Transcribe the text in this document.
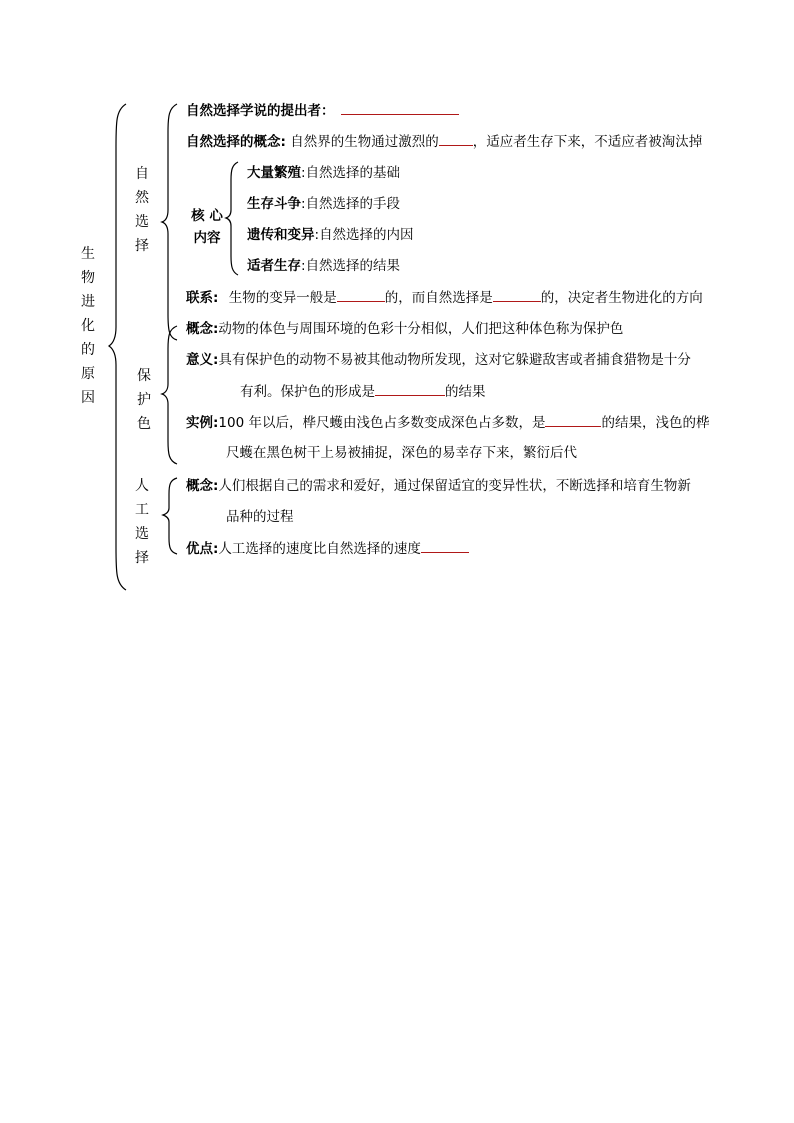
生
物
进
化
的
原
因
自
然
选
择
自然选择学说的提出者：
自然选择的概念: 自然界的生物通过激烈的	，适应者生存下来，不适应者被淘汰掉
核 心
内容
大量繁殖:自然选择的基础
生存斗争:自然选择的手段
遗传和变异:自然选择的内因
适者生存:自然选择的结果
联系: 生物的变异一般是	的，而自然选择是	的，决定者生物进化的方向
保
护
色
概念:动物的体色与周围环境的色彩十分相似，人们把这种体色称为保护色
意义:具有保护色的动物不易被其他动物所发现，这对它躲避敌害或者捕食猎物是十分
有利。保护色的形成是	的结果
实例:100 年以后，桦尺蠖由浅色占多数变成深色占多数，是	的结果，浅色的桦
尺蠖在黑色树干上易被捕捉，深色的易幸存下来，繁衍后代
人
工
选
择
概念:人们根据自己的需求和爱好，通过保留适宜的变异性状，不断选择和培育生物新
品种的过程
优点:人工选择的速度比自然选择的速度
